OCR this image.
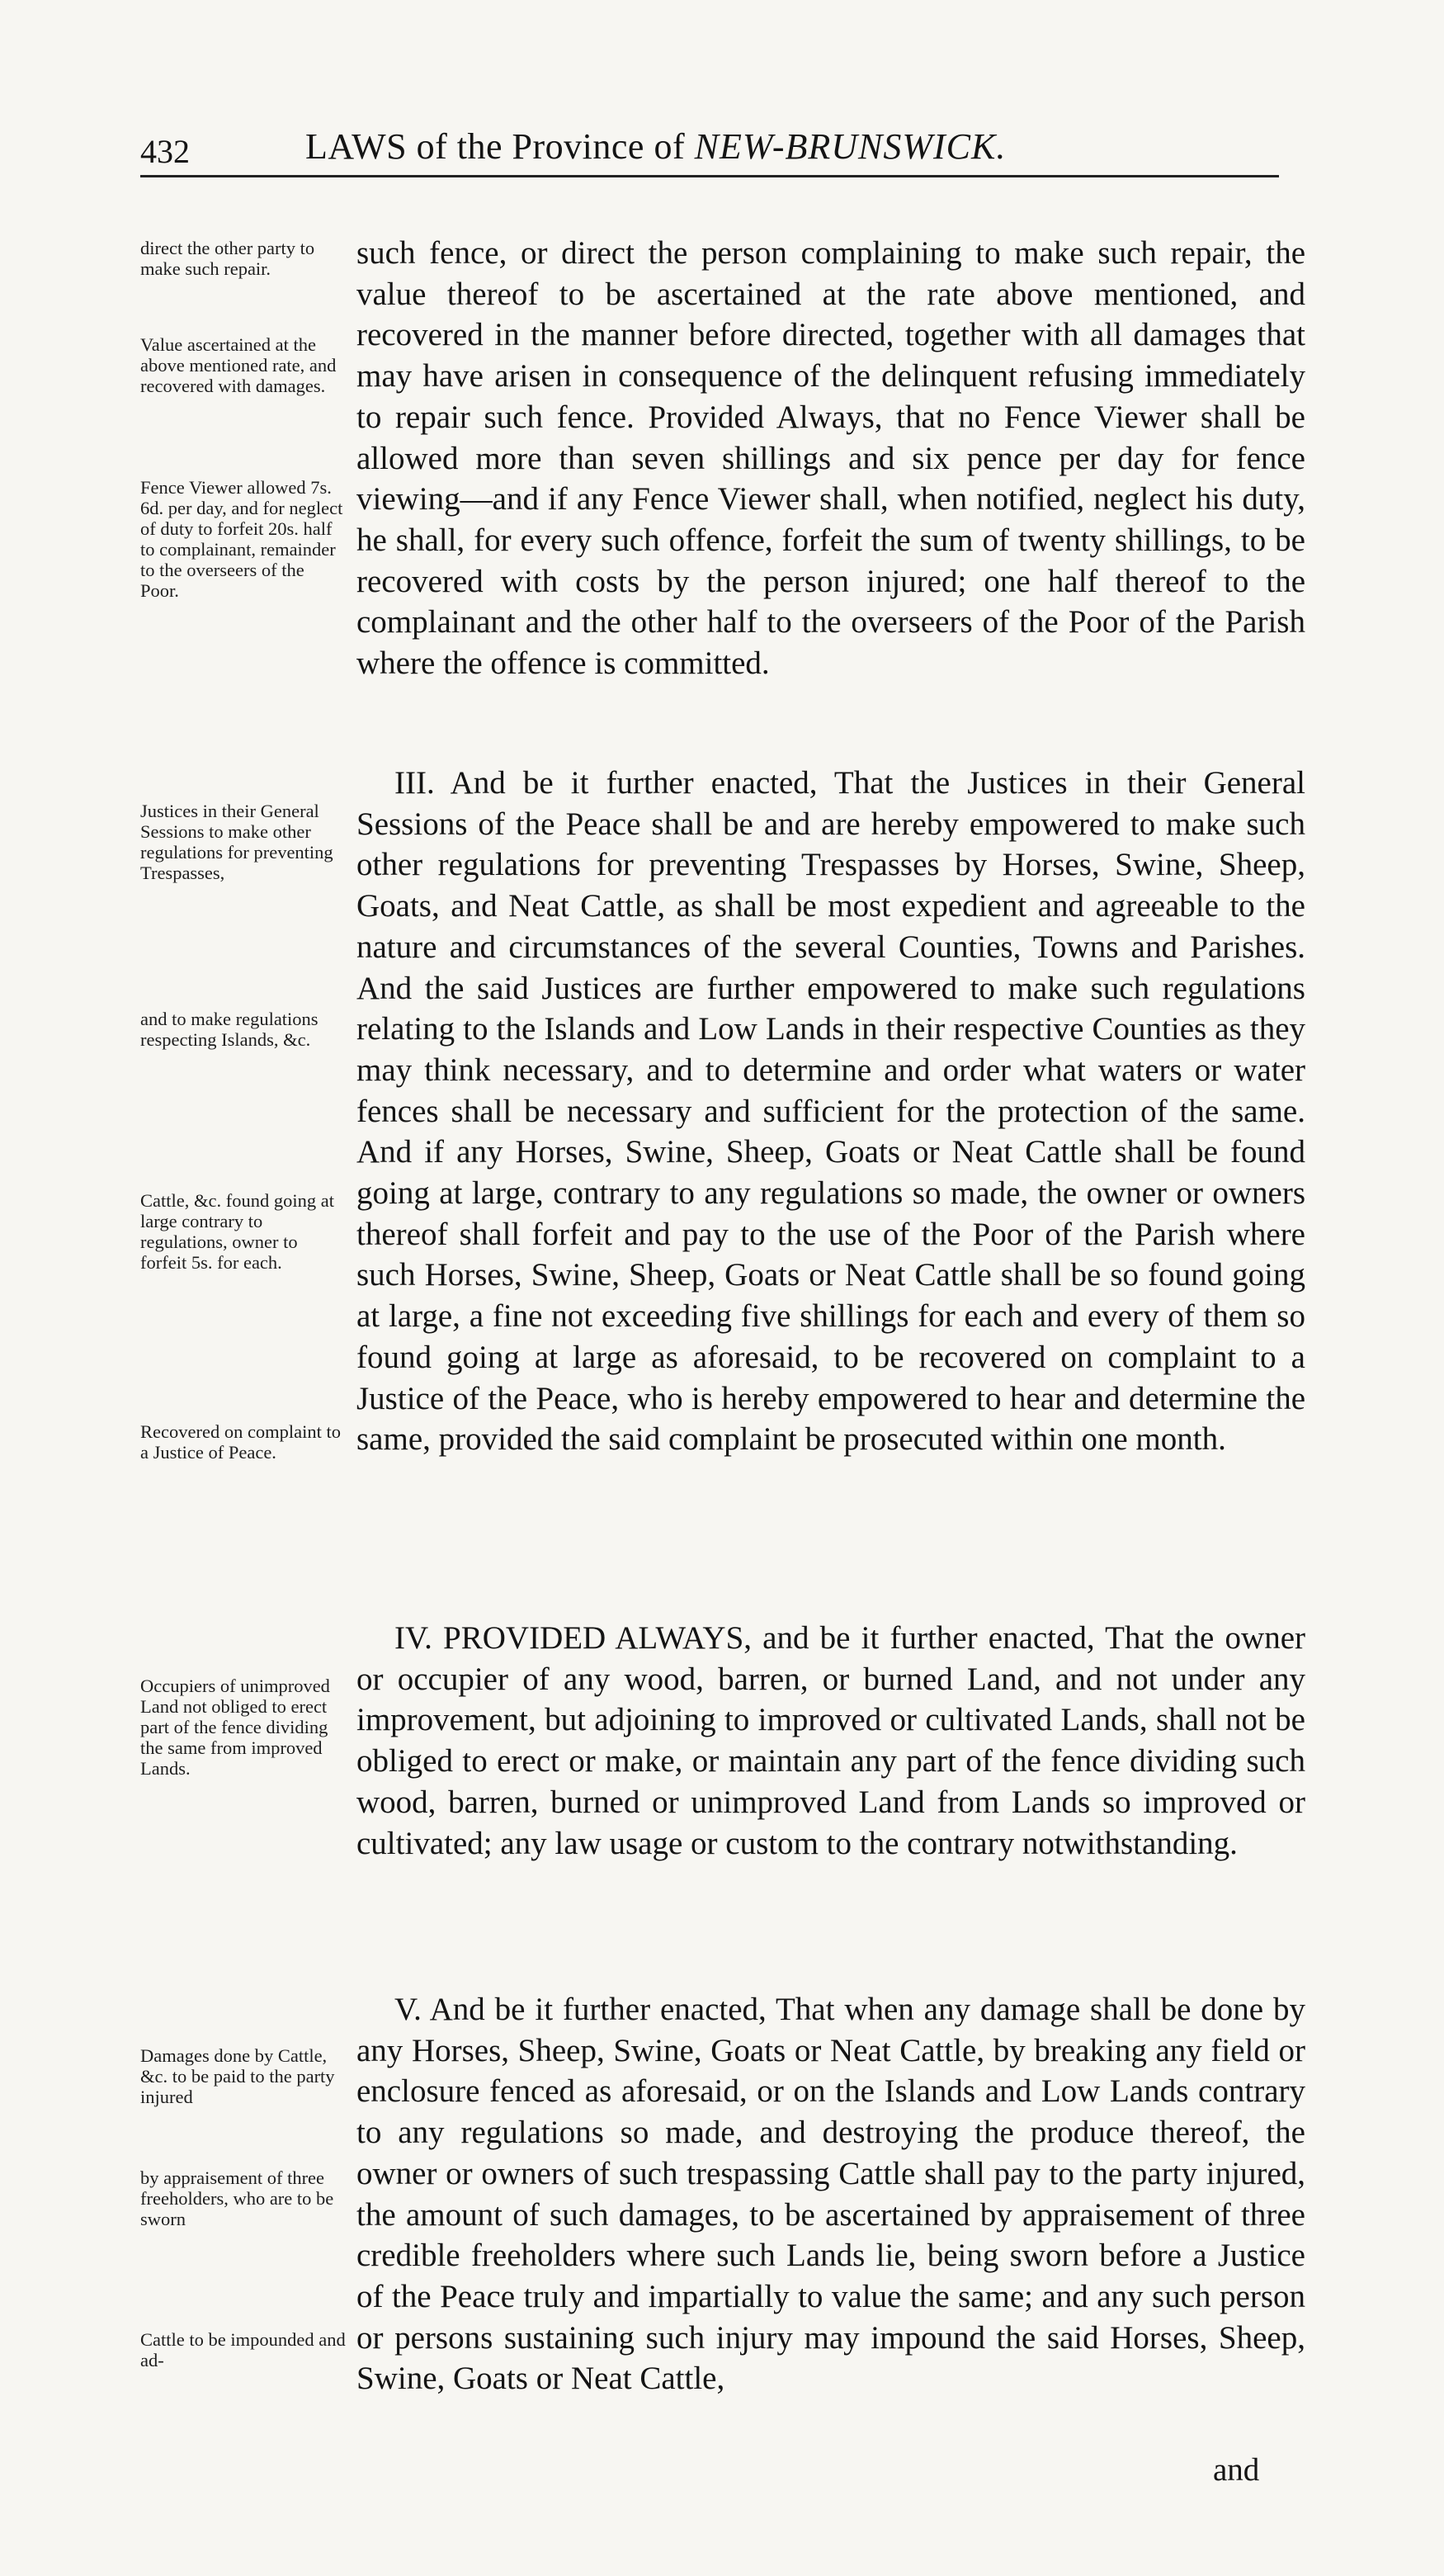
432	LAWS of the Province of NEW-BRUNSWICK.

such fence, or direct the person complaining to make such repair, the value thereof to be ascertained at the rate above mentioned, and recovered in the manner before directed, together with all damages that may have arisen in consequence of the delinquent refusing immediately to repair such fence. Provided Always, that no Fence Viewer shall be allowed more than seven shillings and six pence per day for fence viewing—and if any Fence Viewer shall, when notified, neglect his duty, he shall, for every such offence, forfeit the sum of twenty shillings, to be recovered with costs by the person injured; one half thereof to the complainant and the other half to the overseers of the Poor of the Parish where the offence is committed.

III. And be it further enacted, That the Justices in their General Sessions of the Peace shall be and are hereby empowered to make such other regulations for preventing Trespasses by Horses, Swine, Sheep, Goats, and Neat Cattle, as shall be most expedient and agreeable to the nature and circumstances of the several Counties, Towns and Parishes. And the said Justices are further empowered to make such regulations relating to the Islands and Low Lands in their respective Counties as they may think necessary, and to determine and order what waters or water fences shall be necessary and sufficient for the protection of the same. And if any Horses, Swine, Sheep, Goats or Neat Cattle shall be found going at large, contrary to any regulations so made, the owner or owners thereof shall forfeit and pay to the use of the Poor of the Parish where such Horses, Swine, Sheep, Goats or Neat Cattle shall be so found going at large, a fine not exceeding five shillings for each and every of them so found going at large as aforesaid, to be recovered on complaint to a Justice of the Peace, who is hereby empowered to hear and determine the same, provided the said complaint be prosecuted within one month.

IV. PROVIDED ALWAYS, and be it further enacted, That the owner or occupier of any wood, barren, or burned Land, and not under any improvement, but adjoining to improved or cultivated Lands, shall not be obliged to erect or make, or maintain any part of the fence dividing such wood, barren, burned or unimproved Land from Lands so improved or cultivated; any law usage or custom to the contrary notwithstanding.

V. And be it further enacted, That when any damage shall be done by any Horses, Sheep, Swine, Goats or Neat Cattle, by breaking any field or enclosure fenced as aforesaid, or on the Islands and Low Lands contrary to any regulations so made, and destroying the produce thereof, the owner or owners of such trespassing Cattle shall pay to the party injured, the amount of such damages, to be ascertained by appraisement of three credible freeholders where such Lands lie, being sworn before a Justice of the Peace truly and impartially to value the same; and any such person or persons sustaining such injury may impound the said Horses, Sheep, Swine, Goats or Neat Cattle,

and

direct the other party to make such repair.

Value ascertained at the above mentioned rate, and recovered with damages.

Fence Viewer allowed 7s. 6d. per day, and for neglect of duty to forfeit 20s. half to complainant, remainder to the overseers of the Poor.

Justices in their General Sessions to make other regulations for preventing Trespasses,

and to make regulations respecting Islands, &c.

Cattle, &c. found going at large contrary to regulations, owner to forfeit 5s. for each.

Recovered on complaint to a Justice of Peace.

Occupiers of unimproved Land not obliged to erect part of the fence dividing the same from improved Lands.

Damages done by Cattle, &c. to be paid to the party injured

by appraisement of three freeholders, who are to be sworn

Cattle to be impounded and ad-
